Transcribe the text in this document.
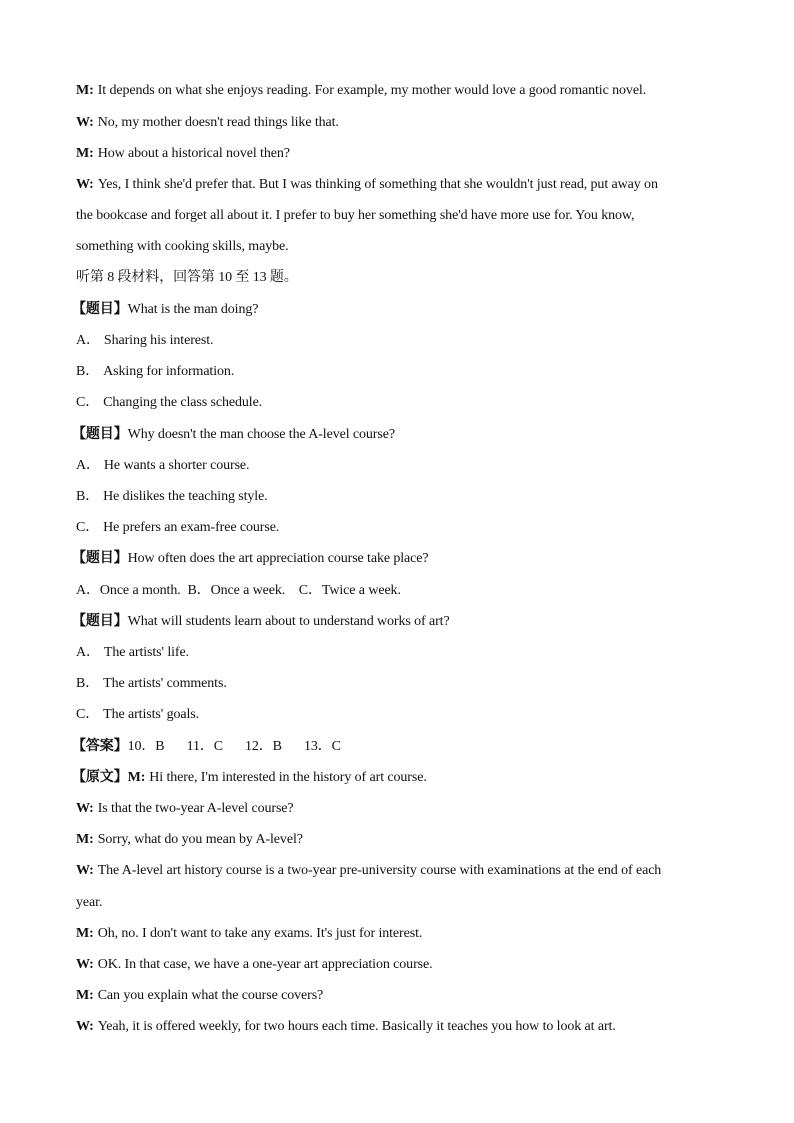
M: It depends on what she enjoys reading. For example, my mother would love a good romantic novel.
W: No, my mother doesn't read things like that.
M: How about a historical novel then?
W: Yes, I think she'd prefer that. But I was thinking of something that she wouldn't just read, put away on
the bookcase and forget all about it. I prefer to buy her something she'd have more use for. You know,
something with cooking skills, maybe.
听第 8 段材料，回答第 10 至 13 题。
【题目】What is the man doing?
A． Sharing his interest.
B． Asking for information.
C． Changing the class schedule.
【题目】Why doesn't the man choose the A-level course?
A． He wants a shorter course.
B． He dislikes the teaching style.
C． He prefers an exam-free course.
【题目】How often does the art appreciation course take place?
A．Once a month.  B．Once a week.    C．Twice a week.
【题目】What will students learn about to understand works of art?
A． The artists' life.
B． The artists' comments.
C． The artists' goals.
【答案】10．B 11．C 12．B 13．C
【原文】M: Hi there, I'm interested in the history of art course.
W: Is that the two-year A-level course?
M: Sorry, what do you mean by A-level?
W: The A-level art history course is a two-year pre-university course with examinations at the end of each
year.
M: Oh, no. I don't want to take any exams. It's just for interest.
W: OK. In that case, we have a one-year art appreciation course.
M: Can you explain what the course covers?
W: Yeah, it is offered weekly, for two hours each time. Basically it teaches you how to look at art.
